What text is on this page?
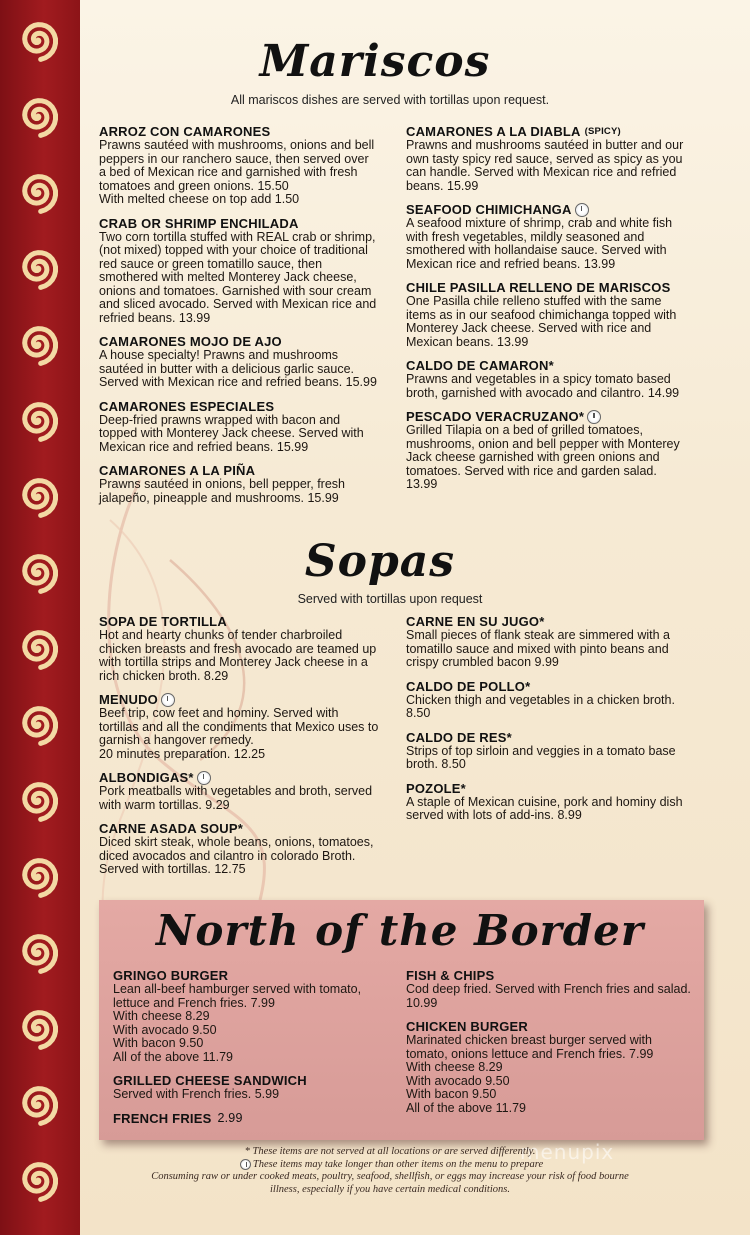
Mariscos
All mariscos dishes are served with tortillas upon request.
ARROZ CON CAMARONES
Prawns sautéed with mushrooms, onions and bell peppers in our ranchero sauce, then served over a bed of Mexican rice and garnished with fresh tomatoes and green onions. 15.50
With melted cheese on top add 1.50
CRAB OR SHRIMP ENCHILADA
Two corn tortilla stuffed with REAL crab or shrimp, (not mixed) topped with your choice of traditional red sauce or green tomatillo sauce, then smothered with melted Monterey Jack cheese, onions and tomatoes. Garnished with sour cream and sliced avocado. Served with Mexican rice and refried beans. 13.99
CAMARONES MOJO DE AJO
A house specialty! Prawns and mushrooms sautéed in butter with a delicious garlic sauce. Served with Mexican rice and refried beans. 15.99
CAMARONES ESPECIALES
Deep-fried prawns wrapped with bacon and topped with Monterey Jack cheese. Served with Mexican rice and refried beans. 15.99
CAMARONES A LA PIÑA
Prawns sautéed in onions, bell pepper, fresh jalapeño, pineapple and mushrooms. 15.99
CAMARONES A LA DIABLA (SPICY)
Prawns and mushrooms sautéed in butter and our own tasty spicy red sauce, served as spicy as you can handle. Served with Mexican rice and refried beans. 15.99
SEAFOOD CHIMICHANGA
A seafood mixture of shrimp, crab and white fish with fresh vegetables, mildly seasoned and smothered with hollandaise sauce. Served with Mexican rice and refried beans. 13.99
CHILE PASILLA RELLENO DE MARISCOS
One Pasilla chile relleno stuffed with the same items as in our seafood chimichanga topped with Monterey Jack cheese. Served with rice and Mexican beans. 13.99
CALDO DE CAMARON*
Prawns and vegetables in a spicy tomato based broth, garnished with avocado and cilantro. 14.99
PESCADO VERACRUZANO*
Grilled Tilapia on a bed of grilled tomatoes, mushrooms, onion and bell pepper with Monterey Jack cheese garnished with green onions and tomatoes. Served with rice and garden salad. 13.99
Sopas
Served with tortillas upon request
SOPA DE TORTILLA
Hot and hearty chunks of tender charbroiled chicken breasts and fresh avocado are teamed up with tortilla strips and Monterey Jack cheese in a rich chicken broth. 8.29
MENUDO
Beef trip, cow feet and hominy. Served with tortillas and all the condiments that Mexico uses to garnish a hangover remedy.
20 minutes preparation. 12.25
ALBONDIGAS*
Pork meatballs with vegetables and broth, served with warm tortillas. 9.29
CARNE ASADA SOUP*
Diced skirt steak, whole beans, onions, tomatoes, diced avocados and cilantro in colorado Broth. Served with tortillas. 12.75
CARNE EN SU JUGO*
Small pieces of flank steak are simmered with a tomatillo sauce and mixed with pinto beans and crispy crumbled bacon 9.99
CALDO DE POLLO*
Chicken thigh and vegetables in a chicken broth. 8.50
CALDO DE RES*
Strips of top sirloin and veggies in a tomato base broth. 8.50
POZOLE*
A staple of Mexican cuisine, pork and hominy dish served with lots of add-ins. 8.99
North of the Border
GRINGO BURGER
Lean all-beef hamburger served with tomato, lettuce and French fries. 7.99
With cheese 8.29
With avocado 9.50
With bacon 9.50
All of the above 11.79
GRILLED CHEESE SANDWICH
Served with French fries. 5.99
FRENCH FRIES 2.99
FISH & CHIPS
Cod deep fried. Served with French fries and salad. 10.99
CHICKEN BURGER
Marinated chicken breast burger served with tomato, onions lettuce and French fries. 7.99
With cheese 8.29
With avocado 9.50
With bacon 9.50
All of the above 11.79
menupix
* These items are not served at all locations or are served differently.
These items may take longer than other items on the menu to prepare
Consuming raw or under cooked meats, poultry, seafood, shellfish, or eggs may increase your risk of food bourne
illness, especially if you have certain medical conditions.
